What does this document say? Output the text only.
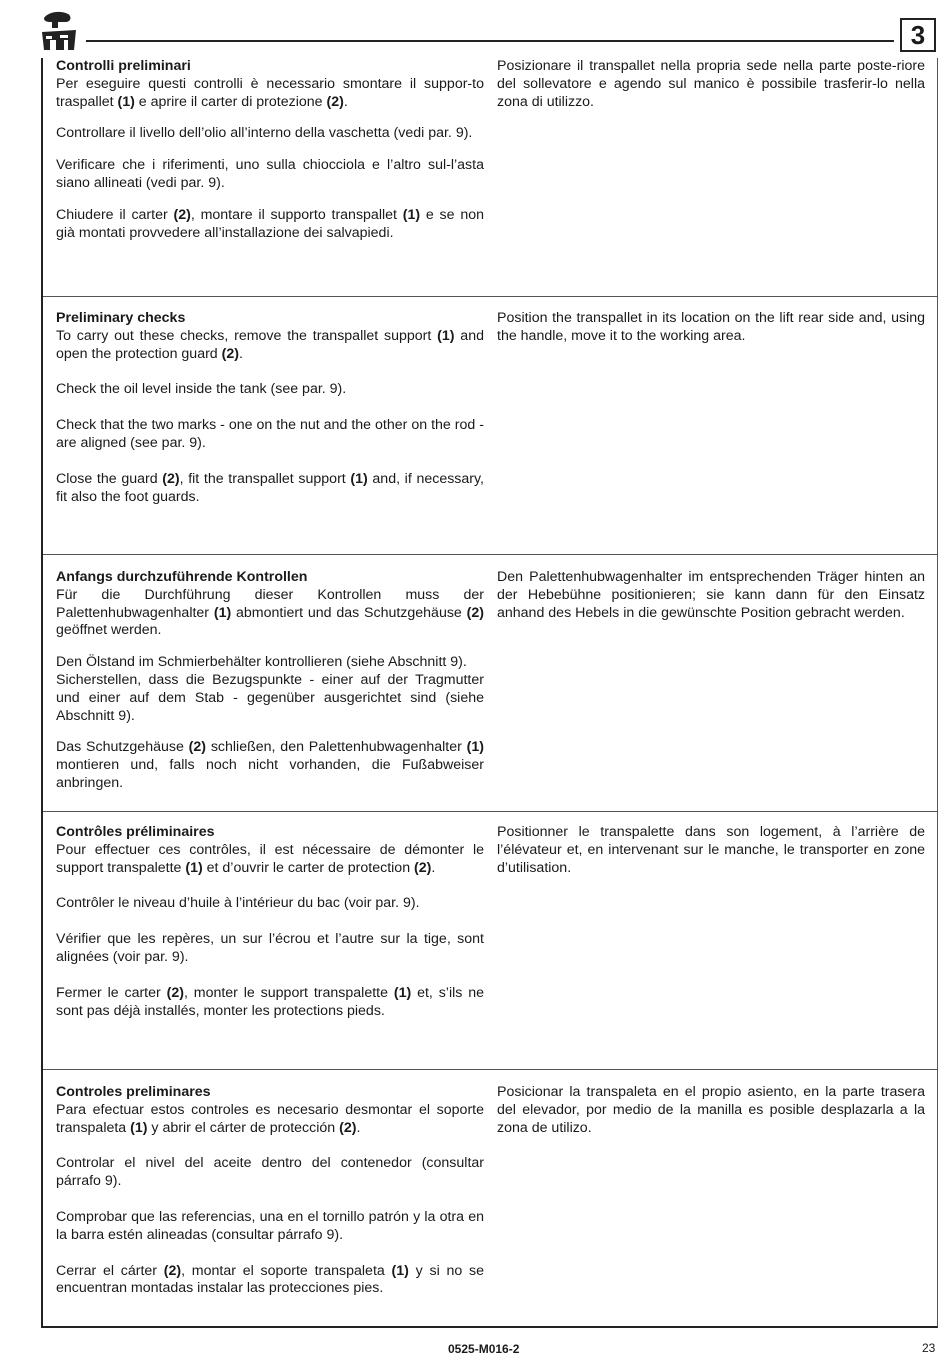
3

Controlli preliminari

Per eseguire questi controlli è necessario smontare il suppor-to traspallet (1) e aprire il carter di protezione (2).

Controllare il livello dell’olio all’interno della vaschetta (vedi par. 9).

Verificare che i riferimenti, uno sulla chiocciola e l’altro sul-l’asta siano allineati (vedi par. 9).

Chiudere il carter (2), montare il supporto transpallet (1) e se non già montati provvedere all’installazione dei salvapiedi.

Posizionare il transpallet nella propria sede nella parte poste-riore del sollevatore e agendo sul manico è possibile trasferir-lo nella zona di utilizzo.

Preliminary checks

To carry out these checks, remove the transpallet support (1) and open the protection guard (2).

Check the oil level inside the tank (see par. 9).

Check that the two marks - one on the nut and the other on the rod - are aligned (see par. 9).

Close the guard (2), fit the transpallet support (1) and, if necessary, fit also the foot guards.

Position the transpallet in its location on the lift rear side and, using the handle, move it to the working area.

Anfangs durchzuführende Kontrollen

Für die Durchführung dieser Kontrollen muss der Palettenhubwagenhalter (1) abmontiert und das Schutzgehäuse (2) geöffnet werden.

Den Ölstand im Schmierbehälter kontrollieren (siehe Abschnitt 9).

Sicherstellen, dass die Bezugspunkte - einer auf der Tragmutter und einer auf dem Stab - gegenüber ausgerichtet sind (siehe Abschnitt 9).

Das Schutzgehäuse (2) schließen, den Palettenhubwagenhalter (1) montieren und, falls noch nicht vorhanden, die Fußabweiser anbringen.

Den Palettenhubwagenhalter im entsprechenden Träger hinten an der Hebebühne positionieren; sie kann dann für den Einsatz anhand des Hebels in die gewünschte Position gebracht werden.

Contrôles préliminaires

Pour effectuer ces contrôles, il est nécessaire de démonter le support transpalette (1) et d’ouvrir le carter de protection (2).

Contrôler le niveau d’huile à l’intérieur du bac (voir par. 9).

Vérifier que les repères, un sur l’écrou et l’autre sur la tige, sont alignées (voir par. 9).

Fermer le carter (2), monter le support transpalette (1) et, s’ils ne sont pas déjà installés, monter les protections pieds.

Positionner le transpalette dans son logement, à l’arrière de l’élévateur et, en intervenant sur le manche, le transporter en zone d’utilisation.

Controles preliminares

Para efectuar estos controles es necesario desmontar el soporte transpaleta (1) y abrir el cárter de protección (2).

Controlar el nivel del aceite dentro del contenedor (consultar párrafo 9).

Comprobar que las referencias, una en el tornillo patrón y la otra en la barra estén alineadas (consultar párrafo 9).

Cerrar el cárter (2), montar el soporte transpaleta (1) y si no se encuentran montadas instalar las protecciones pies.

Posicionar la transpaleta en el propio asiento, en la parte trasera del elevador, por medio de la manilla es posible desplazarla a la zona de utilizo.

0525-M016-2	23
